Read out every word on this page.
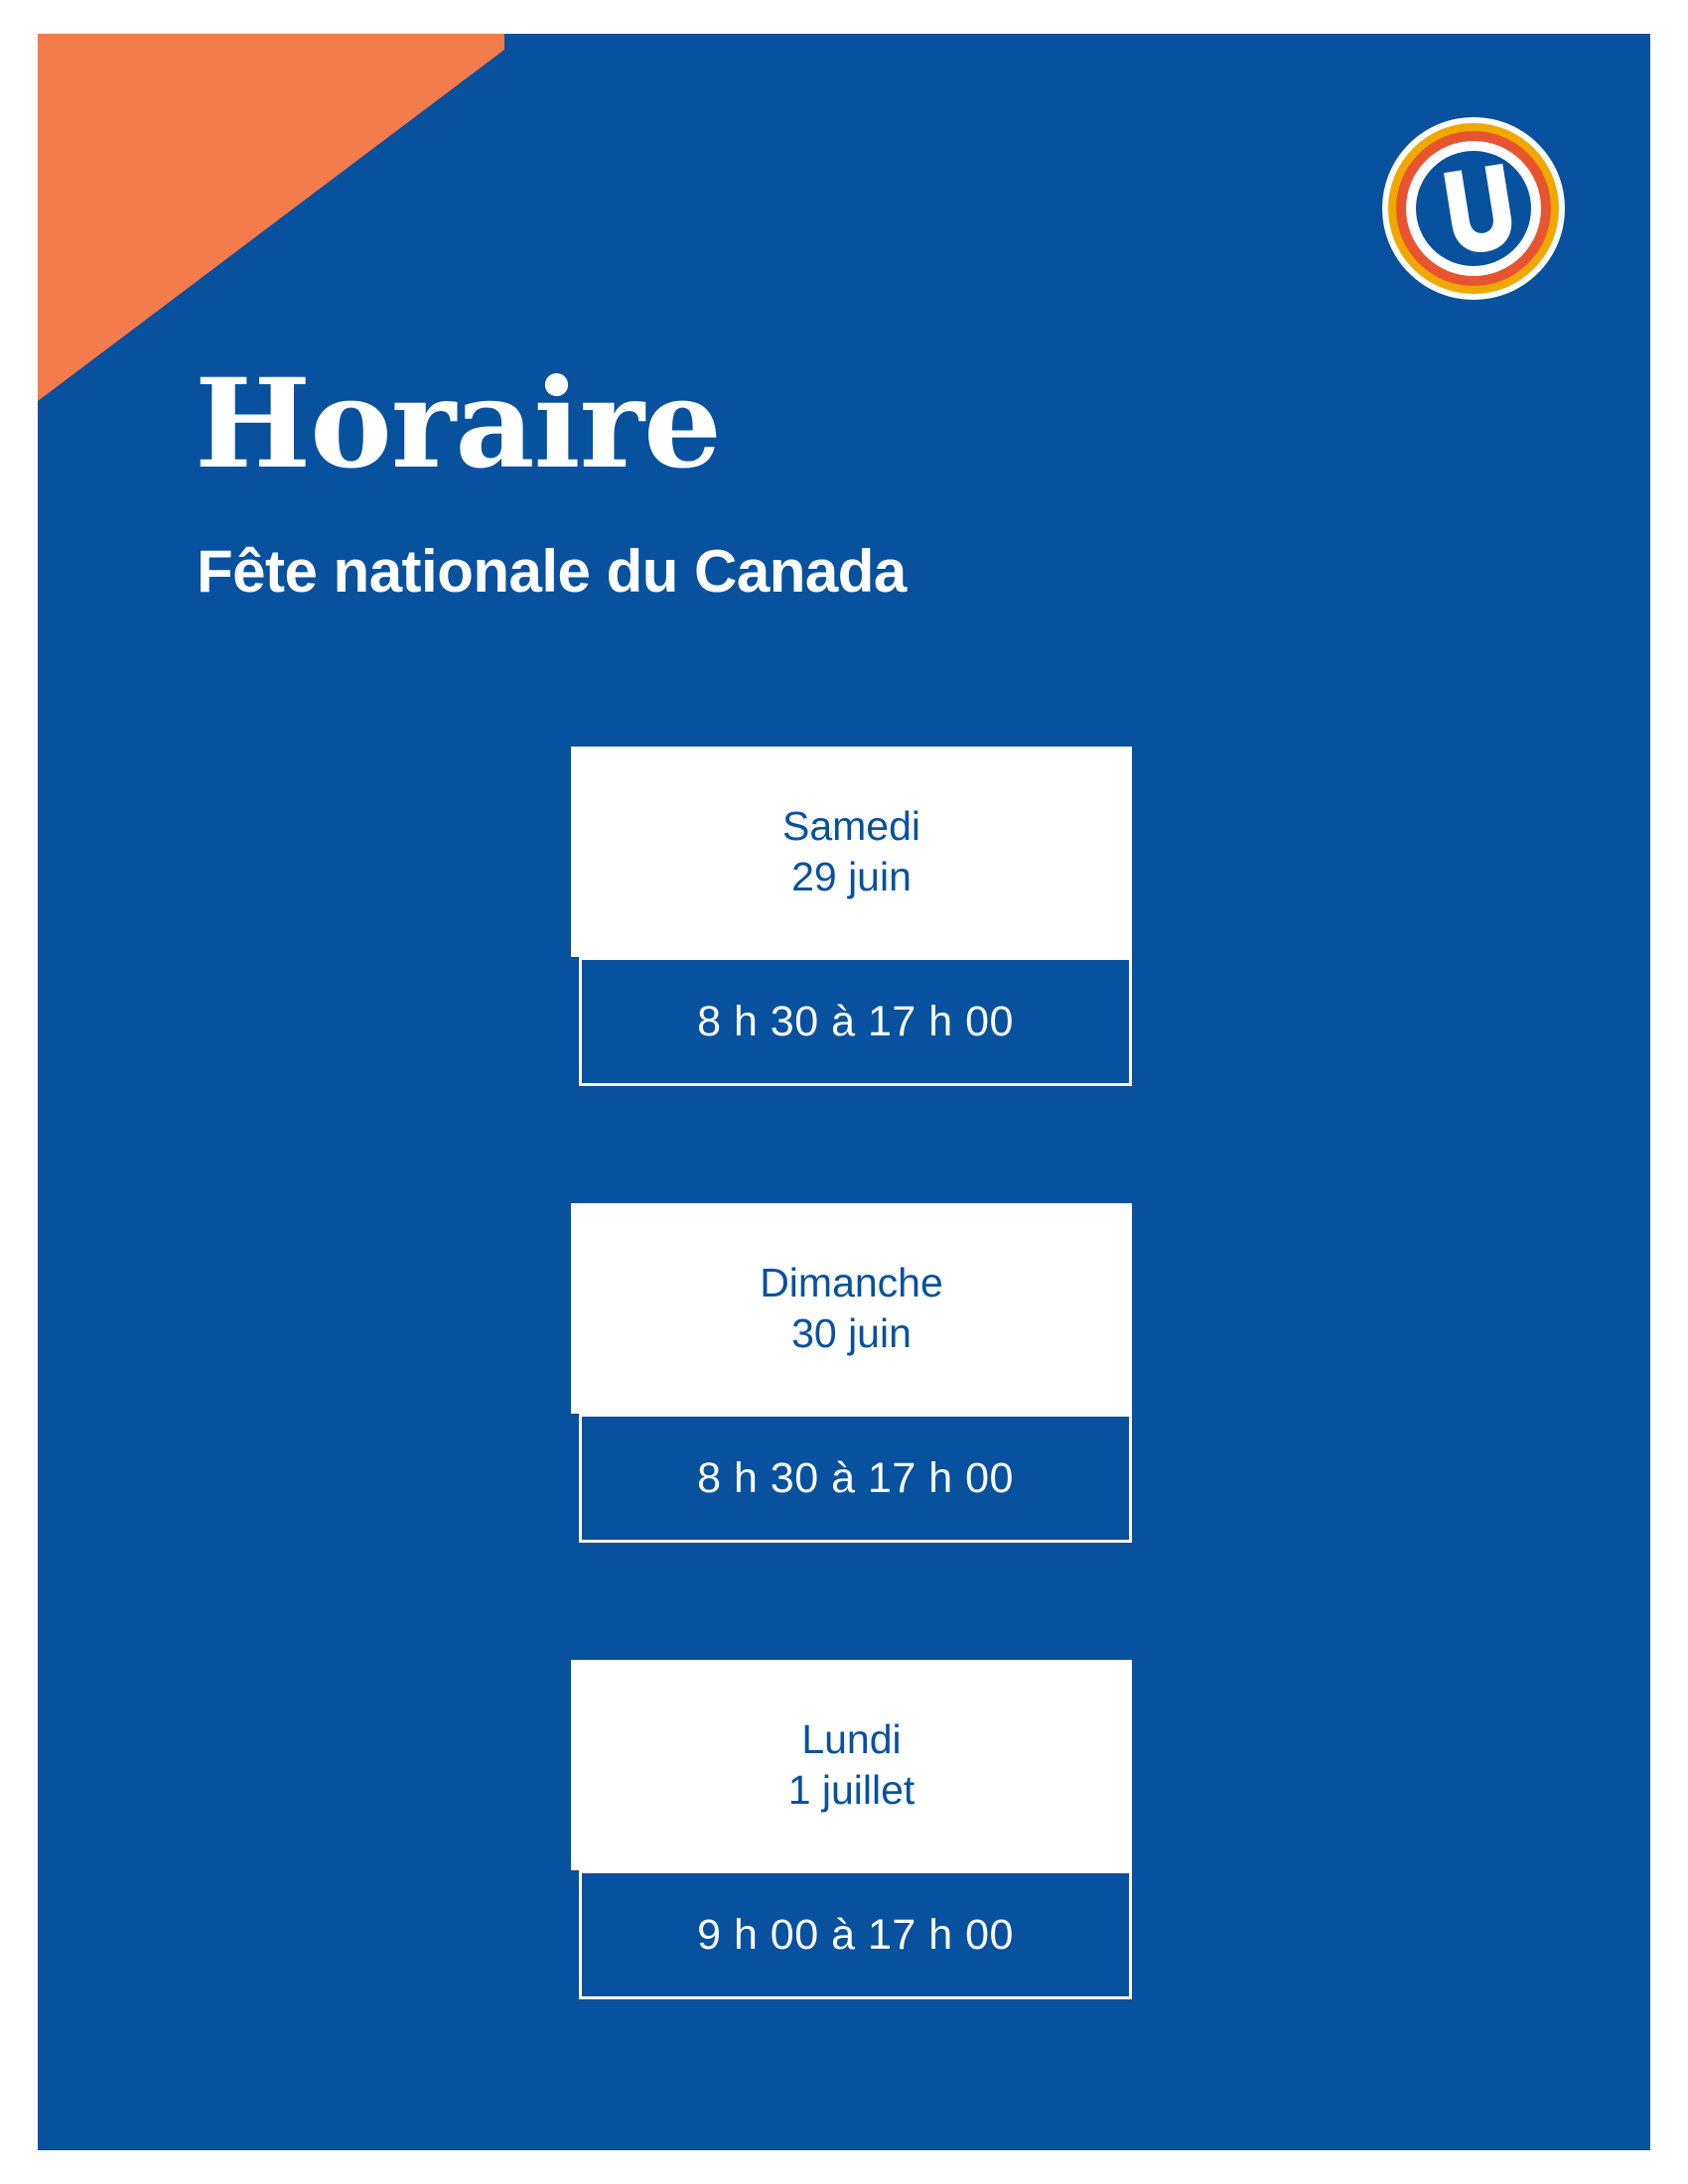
Horaire
Fête nationale du Canada
Samedi
29 juin
8 h 30 à 17 h 00
Dimanche
30 juin
8 h 30 à 17 h 00
Lundi
1 juillet
9 h 00 à 17 h 00
